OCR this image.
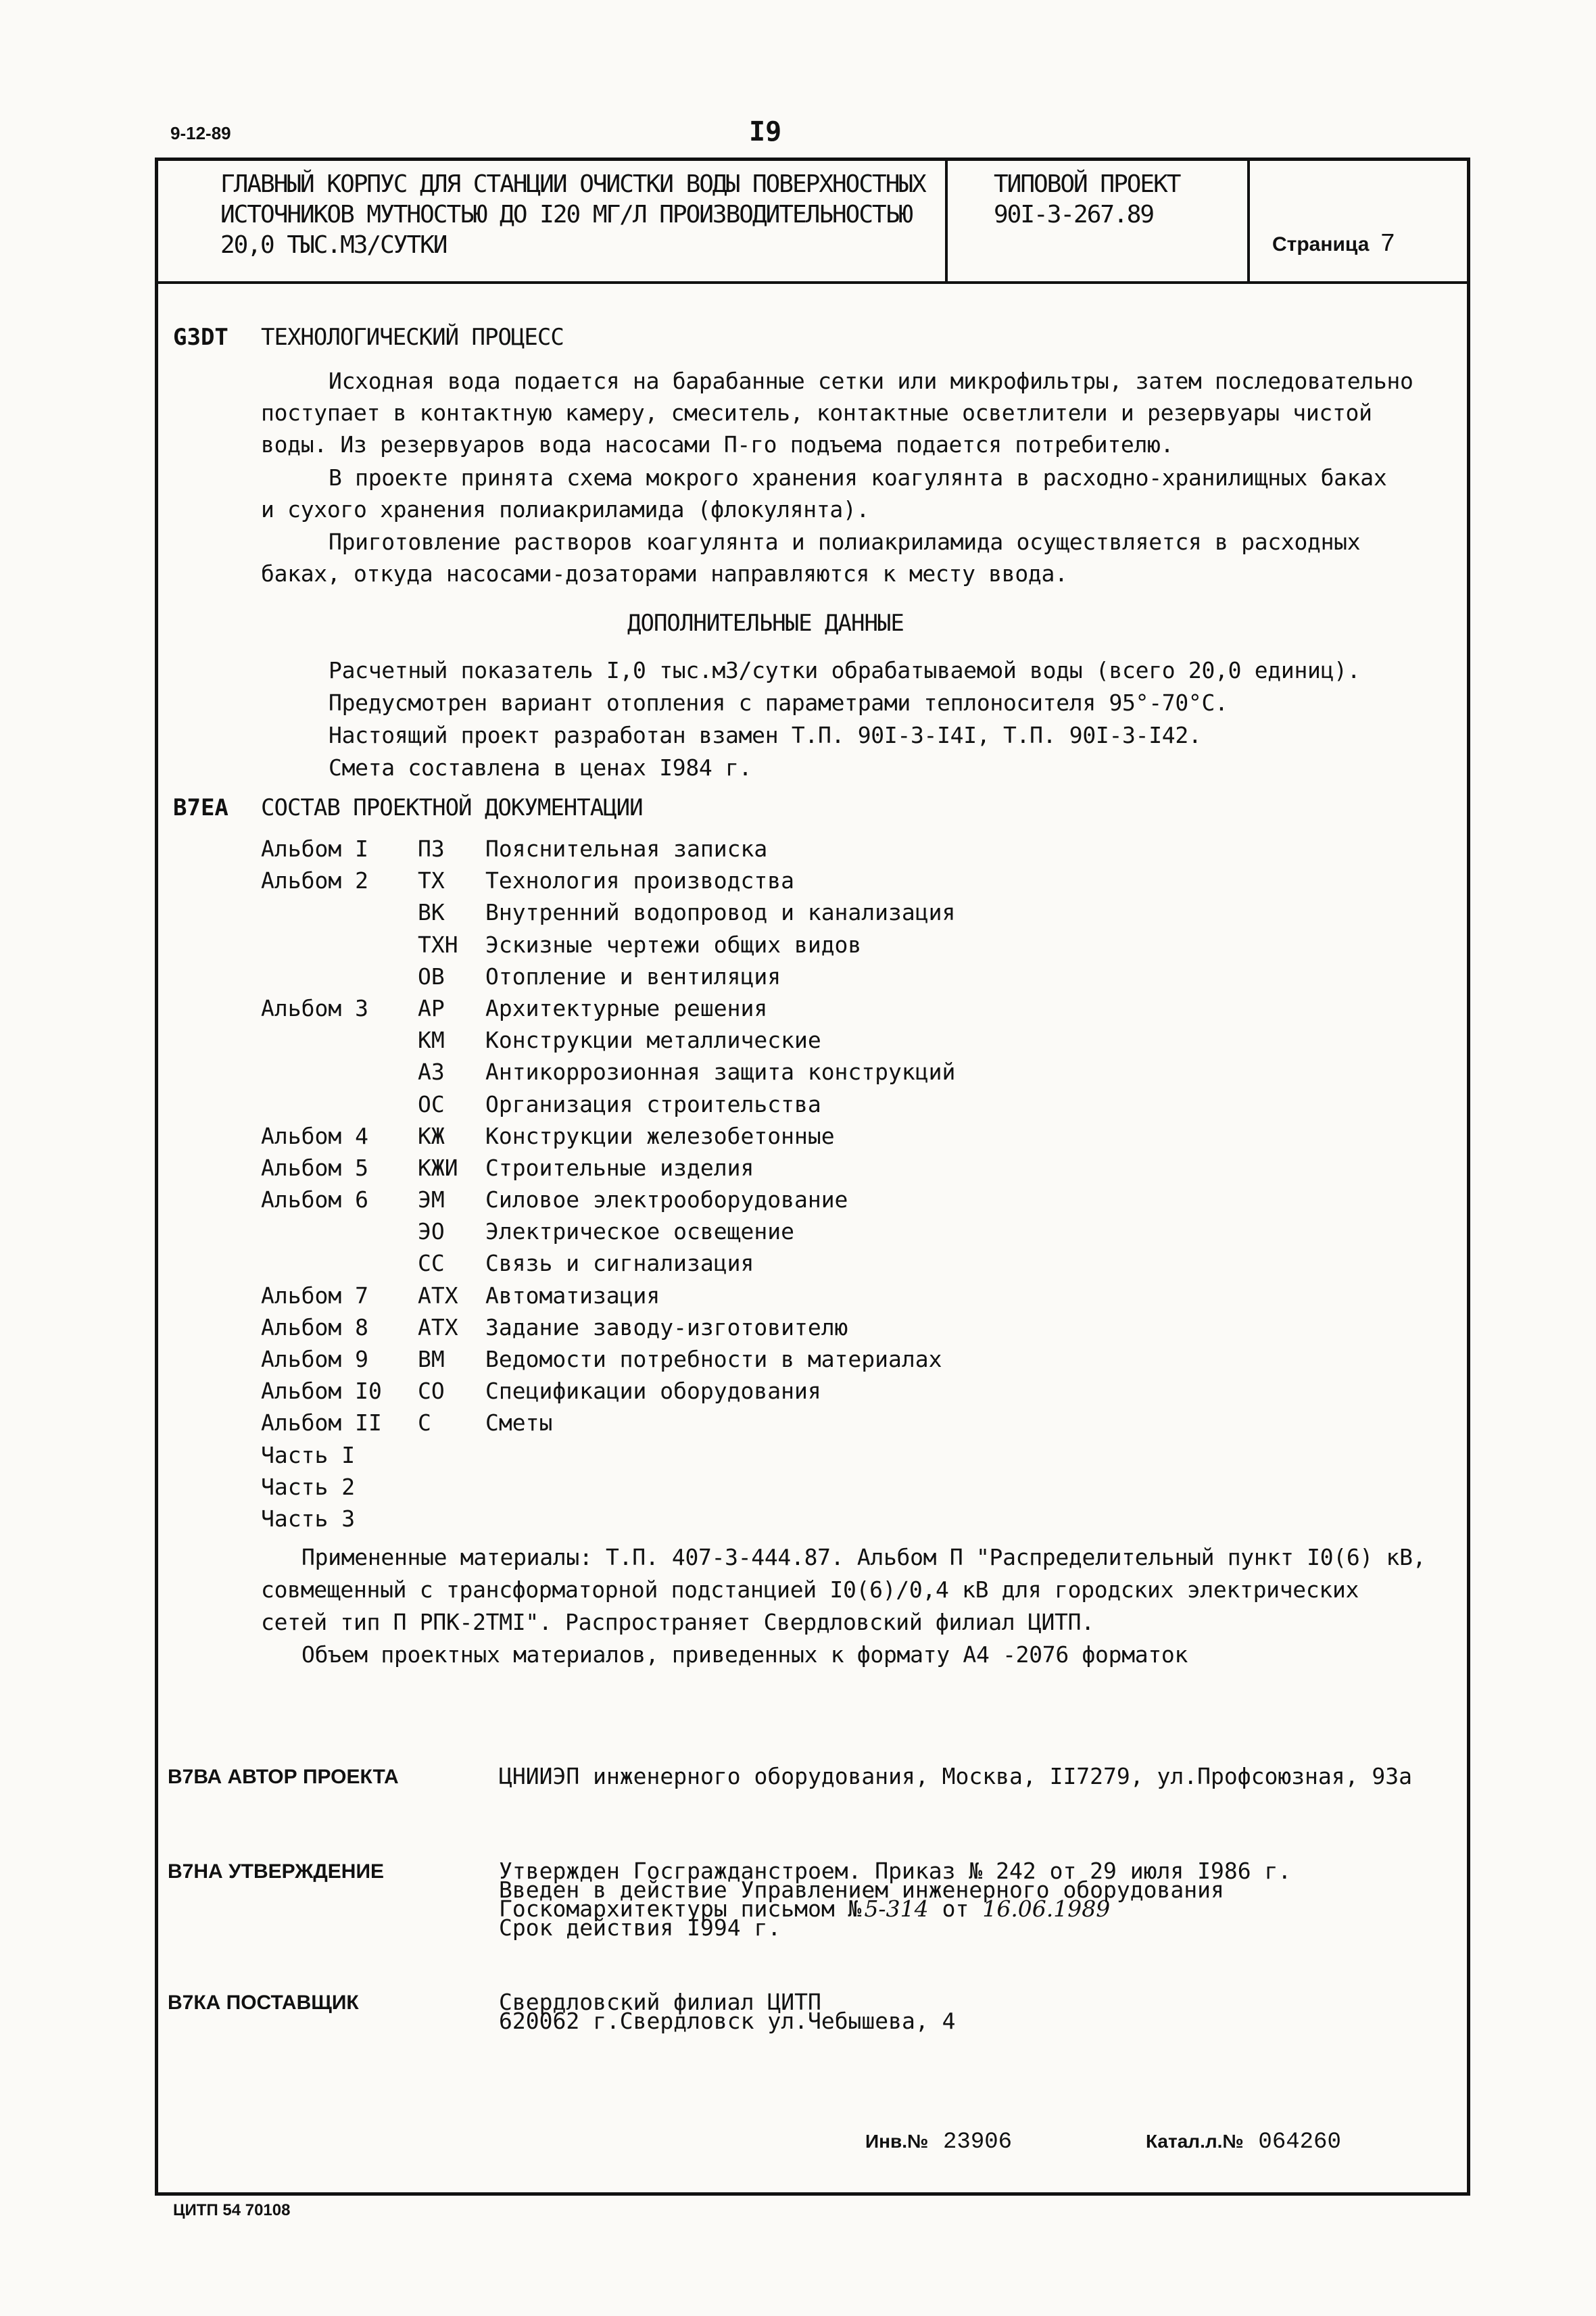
9-12-89	I9
ГЛАВНЫЙ КОРПУС ДЛЯ СТАНЦИИ ОЧИСТКИ ВОДЫ ПОВЕРХНОСТНЫХ
ИСТОЧНИКОВ МУТНОСТЬЮ ДО I20 МГ/Л ПРОИЗВОДИТЕЛЬНОСТЬЮ
20,0 ТЫС.М3/СУТКИ
ТИПОВОЙ ПРОЕКТ
90I-3-267.89
Страница 7
G3DT ТЕХНОЛОГИЧЕСКИЙ ПРОЦЕСС
Исходная вода подается на барабанные сетки или микрофильтры, затем последовательно
поступает в контактную камеру, смеситель, контактные осветлители и резервуары чистой
воды. Из резервуаров вода насосами П-го подъема подается потребителю.
В проекте принята схема мокрого хранения коагулянта в расходно-хранилищных баках
и сухого хранения полиакриламида (флокулянта).
Приготовление растворов коагулянта и полиакриламида осуществляется в расходных
баках, откуда насосами-дозаторами направляются к месту ввода.
ДОПОЛНИТЕЛЬНЫЕ ДАННЫЕ
Расчетный показатель I,0 тыс.м3/сутки обрабатываемой воды (всего 20,0 единиц).
Предусмотрен вариант отопления с параметрами теплоносителя 95°-70°С.
Настоящий проект разработан взамен Т.П. 90I-3-I4I, Т.П. 90I-3-I42.
Смета составлена в ценах I984 г.
В7ЕА СОСТАВ ПРОЕКТНОЙ ДОКУМЕНТАЦИИ
Альбом I ПЗ Пояснительная записка
Альбом 2 ТХ Технология производства
ВК Внутренний водопровод и канализация
ТХН Эскизные чертежи общих видов
ОВ Отопление и вентиляция
Альбом 3 АР Архитектурные решения
КМ Конструкции металлические
АЗ Антикоррозионная защита конструкций
ОС Организация строительства
Альбом 4 КЖ Конструкции железобетонные
Альбом 5 КЖИ Строительные изделия
Альбом 6 ЭМ Силовое электрооборудование
ЭО Электрическое освещение
СС Связь и сигнализация
Альбом 7 АТХ Автоматизация
Альбом 8 АТХ Задание заводу-изготовителю
Альбом 9 ВМ Ведомости потребности в материалах
Альбом I0 СО Спецификации оборудования
Альбом II С Сметы
Часть I
Часть 2
Часть 3
Примененные материалы: Т.П. 407-3-444.87. Альбом П "Распределительный пункт I0(6) кВ,
совмещенный с трансформаторной подстанцией I0(6)/0,4 кВ для городских электрических
сетей тип П РПК-2ТМI". Распространяет Свердловский филиал ЦИТП.
Объем проектных материалов, приведенных к формату А4 -2076 форматок
В7ВА АВТОР ПРОЕКТА	ЦНИИЭП инженерного оборудования, Москва, II7279, ул.Профсоюзная, 93а
В7НА УТВЕРЖДЕНИЕ	Утвержден Госгражданстроем. Приказ № 242 от 29 июля I986 г.
Введен в действие Управлением инженерного оборудования
Госкомархитектуры письмом № 5-314 от 16.06.1989
Срок действия I994 г.
В7КА ПОСТАВЩИК	Свердловский филиал ЦИТП
620062 г.Свердловск ул.Чебышева, 4
Инв.№ 23906	Катал.л.№ 064260
ЦИТП 54 70108
